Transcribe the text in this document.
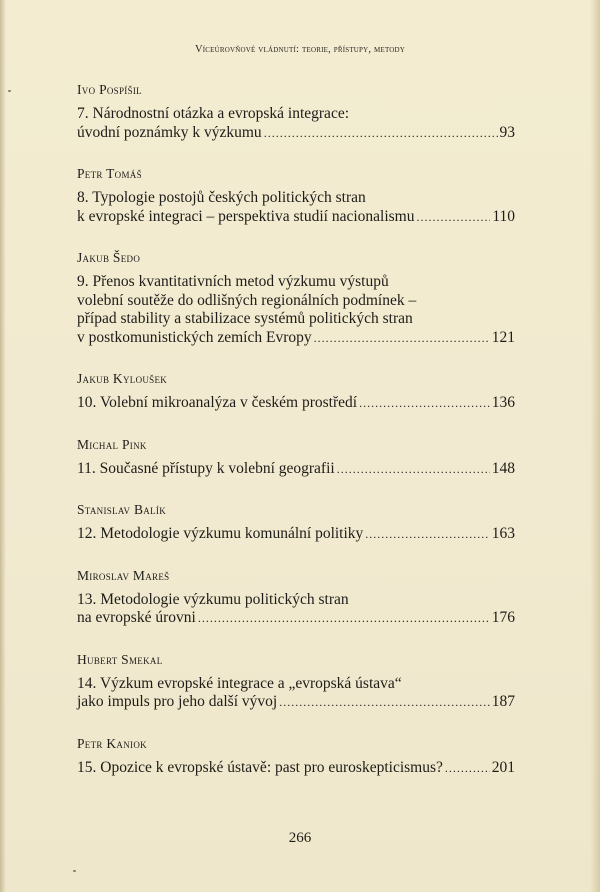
Víceúrovňové vládnutí: teorie, přístupy, metody
Ivo Pospíšil
7. Národnostní otázka a evropská integrace:
úvodní poznámky k výzkumu .....	93
Petr Tomáš
8. Typologie postojů českých politických stran
k evropské integraci – perspektiva studií nacionalismu .....	110
Jakub Šedo
9. Přenos kvantitativních metod výzkumu výstupů
volební soutěže do odlišných regionálních podmínek –
případ stability a stabilizace systémů politických stran
v postkomunistických zemích Evropy .....	121
Jakub Kyloušek
10. Volební mikroanalýza v českém prostředí .....	136
Michal Pink
11. Současné přístupy k volební geografii .....	148
Stanislav Balík
12. Metodologie výzkumu komunální politiky .....	163
Miroslav Mareš
13. Metodologie výzkumu politických stran
na evropské úrovni .....	176
Hubert Smekal
14. Výzkum evropské integrace a „evropská ústava“
jako impuls pro jeho další vývoj .....	187
Petr Kaniok
15. Opozice k evropské ústavě: past pro euroskepticismus? .....	201
266
